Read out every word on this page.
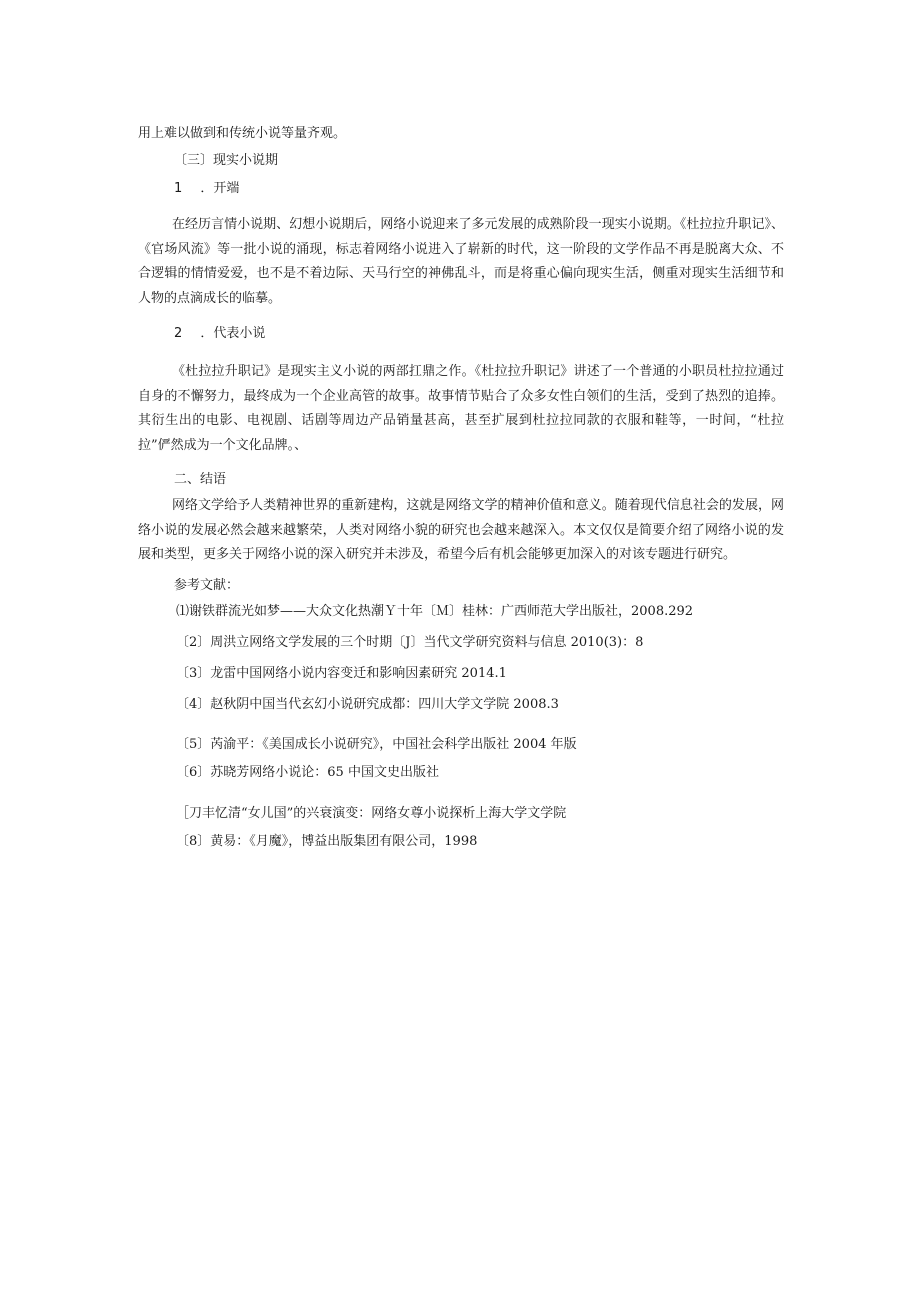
用上难以做到和传统小说等量齐观。
〔三〕现实小说期
1 ．开端
在经历言情小说期、幻想小说期后，网络小说迎来了多元发展的成熟阶段一现实小说期。《杜拉拉升职记》、《官场风流》等一批小说的涌现，标志着网络小说进入了崭新的时代，这一阶段的文学作品不再是脱离大众、不合逻辑的情情爱爱，也不是不着边际、天马行空的神佛乱斗，而是将重心偏向现实生活，侧重对现实生活细节和人物的点滴成长的临摹。
2 ．代表小说
《杜拉拉升职记》是现实主义小说的两部扛鼎之作。《杜拉拉升职记》讲述了一个普通的小职员杜拉拉通过自身的不懈努力，最终成为一个企业高管的故事。故事情节贴合了众多女性白领们的生活，受到了热烈的追捧。其衍生出的电影、电视剧、话剧等周边产品销量甚高，甚至扩展到杜拉拉同款的衣服和鞋等，一时间，“杜拉拉”俨然成为一个文化品牌。、
二、结语
网络文学给予人类精神世界的重新建构，这就是网络文学的精神价值和意义。随着现代信息社会的发展，网络小说的发展必然会越来越繁荣，人类对网络小貌的研究也会越来越深入。本文仅仅是简要介绍了网络小说的发展和类型，更多关于网络小说的深入研究并未涉及，希望今后有机会能够更加深入的对该专题进行研究。
参考文献：
⑴谢铁群流光如梦——大众文化热潮Ｙ十年〔Ｍ〕桂林：广西师范大学出版社，2008.292
〔2〕周洪立网络文学发展的三个时期〔J〕当代文学研究资料与信息 2010(3)：8
〔3〕龙雷中国网络小说内容变迁和影响因素研究 2014.1
〔4〕赵秋阴中国当代玄幻小说研究成都：四川大学文学院 2008.3
〔5〕芮渝平：《美国成长小说研究》，中国社会科学出版社 2004 年版
〔6〕苏晓芳网络小说论：65 中国文史出版社
［刀丰忆清“女儿国”的兴衰演变：网络女尊小说探析上海大学文学院
〔8〕黄易：《月魔》，博益出版集团有限公司，1998
